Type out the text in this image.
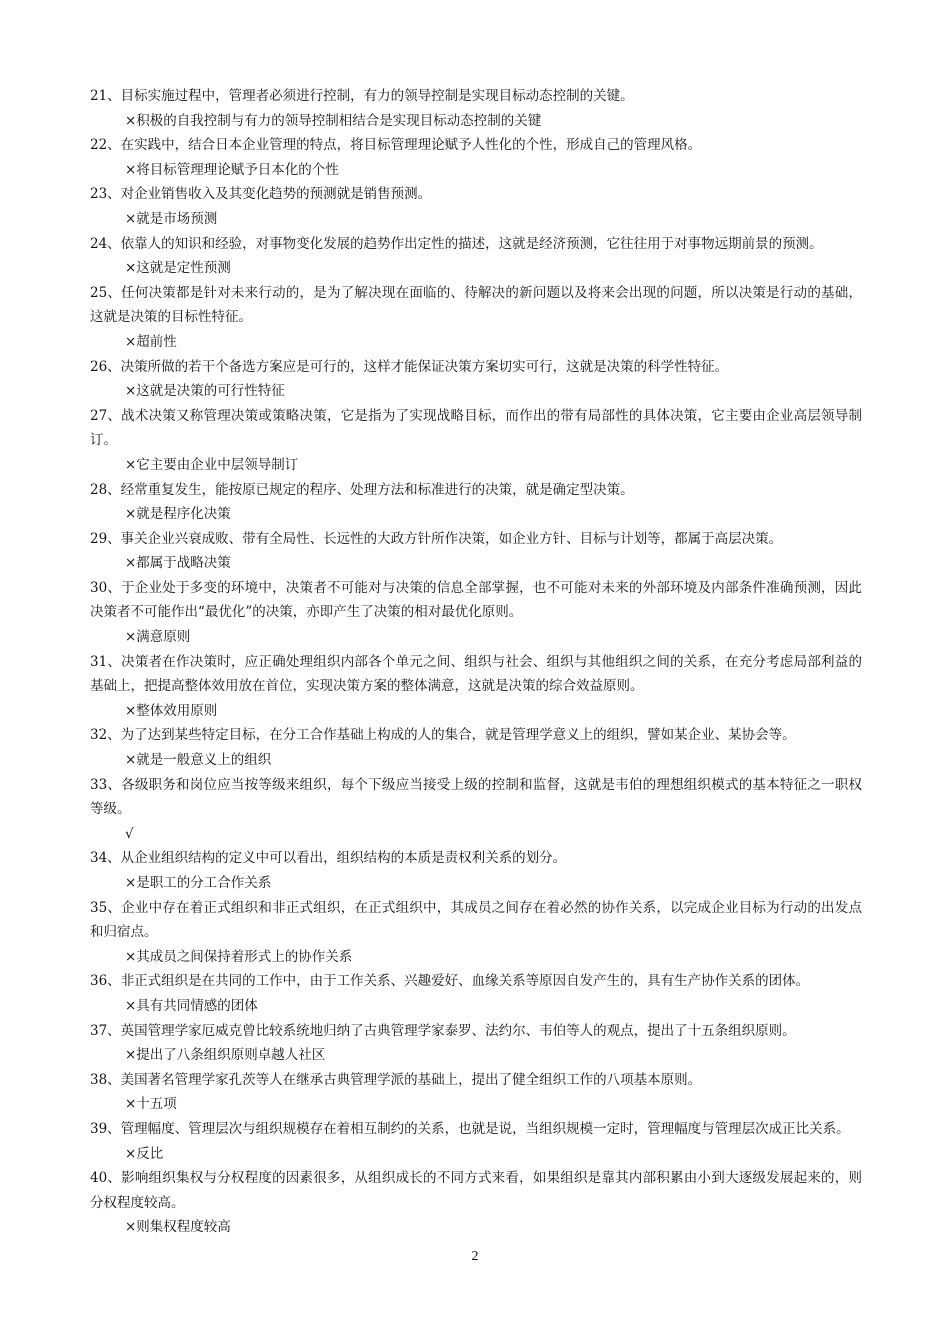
21、目标实施过程中，管理者必须进行控制，有力的领导控制是实现目标动态控制的关键。

×积极的自我控制与有力的领导控制相结合是实现目标动态控制的关键

22、在实践中，结合日本企业管理的特点，将目标管理理论赋予人性化的个性，形成自己的管理风格。

×将目标管理理论赋予日本化的个性

23、对企业销售收入及其变化趋势的预测就是销售预测。

×就是市场预测

24、依靠人的知识和经验，对事物变化发展的趋势作出定性的描述，这就是经济预测，它往往用于对事物远期前景的预测。

×这就是定性预测

25、任何决策都是针对未来行动的，是为了解决现在面临的、待解决的新问题以及将来会出现的问题，所以决策是行动的基础，这就是决策的目标性特征。

×超前性

26、决策所做的若干个备选方案应是可行的，这样才能保证决策方案切实可行，这就是决策的科学性特征。

×这就是决策的可行性特征

27、战术决策又称管理决策或策略决策，它是指为了实现战略目标，而作出的带有局部性的具体决策，它主要由企业高层领导制订。

×它主要由企业中层领导制订

28、经常重复发生，能按原已规定的程序、处理方法和标准进行的决策，就是确定型决策。

×就是程序化决策

29、事关企业兴衰成败、带有全局性、长远性的大政方针所作决策，如企业方针、目标与计划等，都属于高层决策。

×都属于战略决策

30、于企业处于多变的环境中，决策者不可能对与决策的信息全部掌握，也不可能对未来的外部环境及内部条件准确预测，因此决策者不可能作出“最优化”的决策，亦即产生了决策的相对最优化原则。

×满意原则

31、决策者在作决策时，应正确处理组织内部各个单元之间、组织与社会、组织与其他组织之间的关系，在充分考虑局部利益的基础上，把提高整体效用放在首位，实现决策方案的整体满意，这就是决策的综合效益原则。

×整体效用原则

32、为了达到某些特定目标，在分工合作基础上构成的人的集合，就是管理学意义上的组织，譬如某企业、某协会等。

×就是一般意义上的组织

33、各级职务和岗位应当按等级来组织，每个下级应当接受上级的控制和监督，这就是韦伯的理想组织模式的基本特征之一职权等级。

√

34、从企业组织结构的定义中可以看出，组织结构的本质是责权利关系的划分。

×是职工的分工合作关系

35、企业中存在着正式组织和非正式组织，在正式组织中，其成员之间存在着必然的协作关系，以完成企业目标为行动的出发点和归宿点。

×其成员之间保持着形式上的协作关系

36、非正式组织是在共同的工作中，由于工作关系、兴趣爱好、血缘关系等原因自发产生的，具有生产协作关系的团体。

×具有共同情感的团体

37、英国管理学家厄威克曾比较系统地归纳了古典管理学家泰罗、法约尔、韦伯等人的观点，提出了十五条组织原则。

×提出了八条组织原则卓越人社区

38、美国著名管理学家孔茨等人在继承古典管理学派的基础上，提出了健全组织工作的八项基本原则。

×十五项

39、管理幅度、管理层次与组织规模存在着相互制约的关系，也就是说，当组织规模一定时，管理幅度与管理层次成正比关系。

×反比

40、影响组织集权与分权程度的因素很多，从组织成长的不同方式来看，如果组织是靠其内部积累由小到大逐级发展起来的，则分权程度较高。

×则集权程度较高

2
